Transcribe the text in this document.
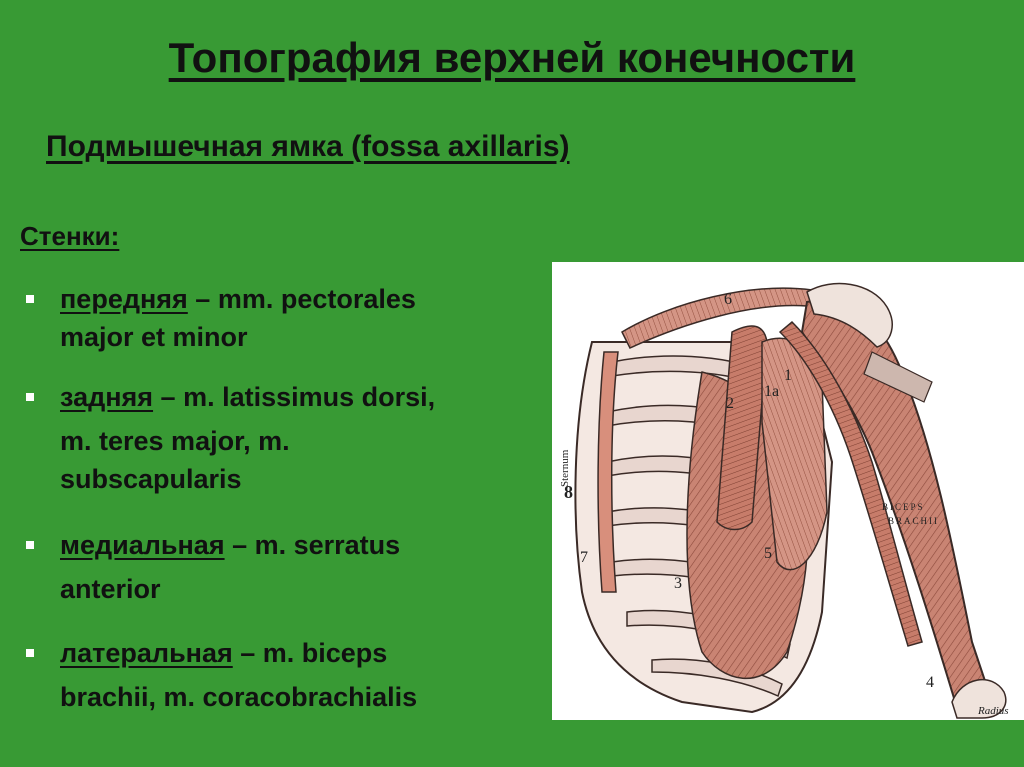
Топография верхней конечности
Подмышечная ямка (fossa axillaris)
Стенки:
передняя – mm. pectorales
major et minor
задняя – m. latissimus dorsi,
m. teres major, m.
subscapularis
медиальная – m. serratus
anterior
латеральная – m. biceps
brachii, m. coracobrachialis
1
1a
2
3
4
5
6
7
8
Sternum
Radius
BICEPS
BRACHII
